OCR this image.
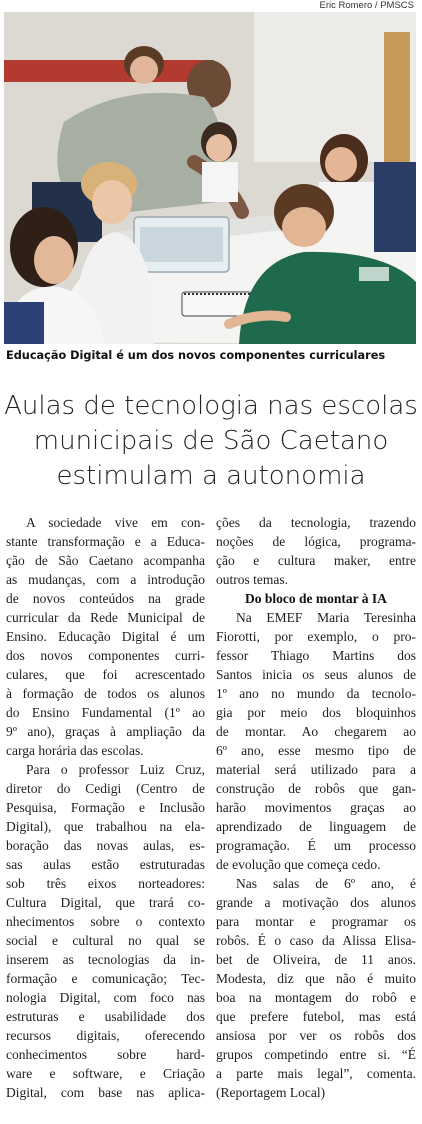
Eric Romero / PMSCS
Educação Digital é um dos novos componentes curriculares
Aulas de tecnologia nas escolas
municipais de São Caetano
estimulam a autonomia
A sociedade vive em con-
stante transformação e a Educa-
ção de São Caetano acompanha
as mudanças, com a introdução
de novos conteúdos na grade
curricular da Rede Municipal de
Ensino. Educação Digital é um
dos novos componentes curri-
culares, que foi acrescentado
à formação de todos os alunos
do Ensino Fundamental (1º ao
9º ano), graças à ampliação da
carga horária das escolas.
Para o professor Luiz Cruz,
diretor do Cedigi (Centro de
Pesquisa, Formação e Inclusão
Digital), que trabalhou na ela-
boração das novas aulas, es-
sas aulas estão estruturadas
sob três eixos norteadores:
Cultura Digital, que trará co-
nhecimentos sobre o contexto
social e cultural no qual se
inserem as tecnologias da in-
formação e comunicação; Tec-
nologia Digital, com foco nas
estruturas e usabilidade dos
recursos digitais, oferecendo
conhecimentos sobre hard-
ware e software, e Criação
Digital, com base nas aplica-
ções da tecnologia, trazendo
noções de lógica, programa-
ção e cultura maker, entre
outros temas.
Do bloco de montar à IA
Na EMEF Maria Teresinha
Fiorotti, por exemplo, o pro-
fessor Thiago Martins dos
Santos inicia os seus alunos de
1º ano no mundo da tecnolo-
gia por meio dos bloquinhos
de montar. Ao chegarem ao
6º ano, esse mesmo tipo de
material será utilizado para a
construção de robôs que gan-
harão movimentos graças ao
aprendizado de linguagem de
programação. É um processo
de evolução que começa cedo.
Nas salas de 6º ano, é
grande a motivação dos alunos
para montar e programar os
robôs. É o caso da Alissa Elisa-
bet de Oliveira, de 11 anos.
Modesta, diz que não é muito
boa na montagem do robô e
que prefere futebol, mas está
ansiosa por ver os robôs dos
grupos competindo entre si. “É
a parte mais legal”, comenta.
(Reportagem Local)
